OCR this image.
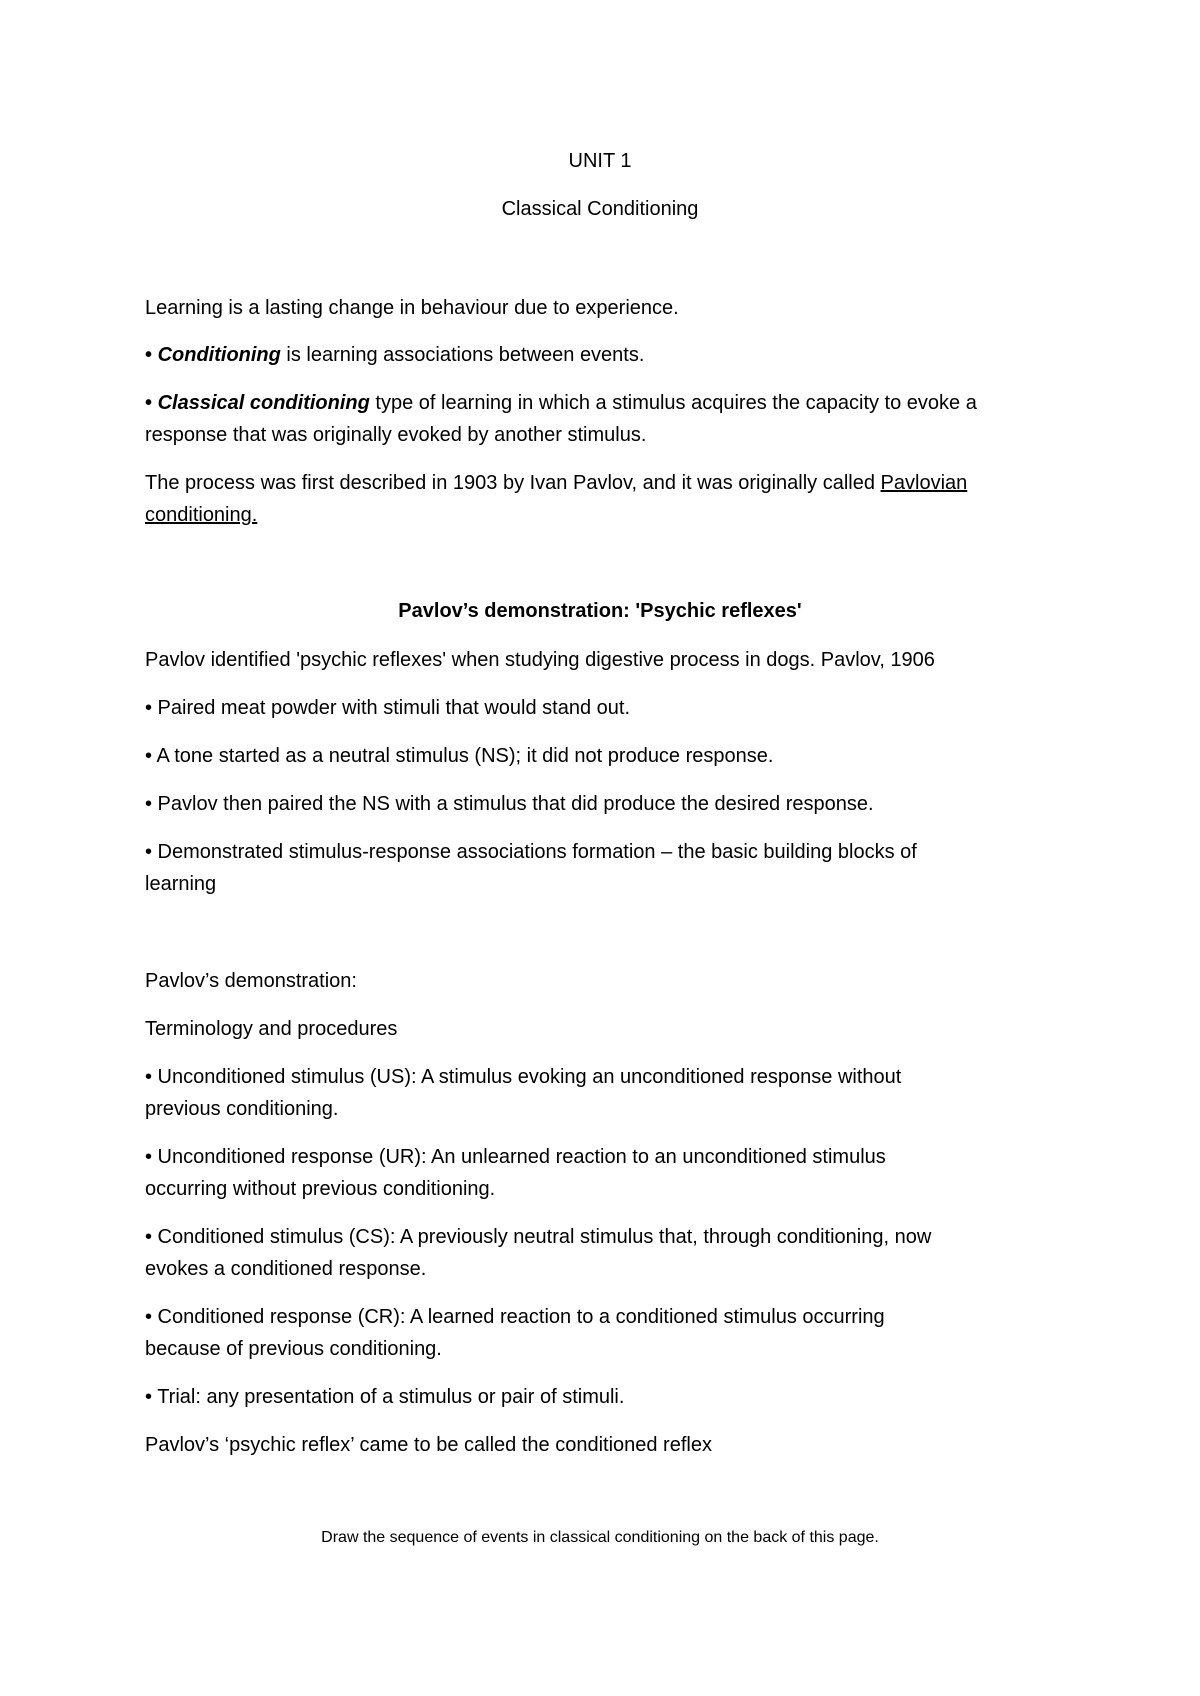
UNIT 1
Classical Conditioning
Learning is a lasting change in behaviour due to experience.
• Conditioning is learning associations between events.
• Classical conditioning type of learning in which a stimulus acquires the capacity to evoke a
response that was originally evoked by another stimulus.
The process was first described in 1903 by Ivan Pavlov, and it was originally called Pavlovian
conditioning.
Pavlov’s demonstration: 'Psychic reflexes'
Pavlov identified 'psychic reflexes' when studying digestive process in dogs. Pavlov, 1906
• Paired meat powder with stimuli that would stand out.
• A tone started as a neutral stimulus (NS); it did not produce response.
• Pavlov then paired the NS with a stimulus that did produce the desired response.
• Demonstrated stimulus-response associations formation – the basic building blocks of
learning
Pavlov’s demonstration:
Terminology and procedures
• Unconditioned stimulus (US): A stimulus evoking an unconditioned response without
previous conditioning.
• Unconditioned response (UR): An unlearned reaction to an unconditioned stimulus
occurring without previous conditioning.
• Conditioned stimulus (CS): A previously neutral stimulus that, through conditioning, now
evokes a conditioned response.
• Conditioned response (CR): A learned reaction to a conditioned stimulus occurring
because of previous conditioning.
• Trial: any presentation of a stimulus or pair of stimuli.
Pavlov’s ‘psychic reflex’ came to be called the conditioned reflex
Draw the sequence of events in classical conditioning on the back of this page.
